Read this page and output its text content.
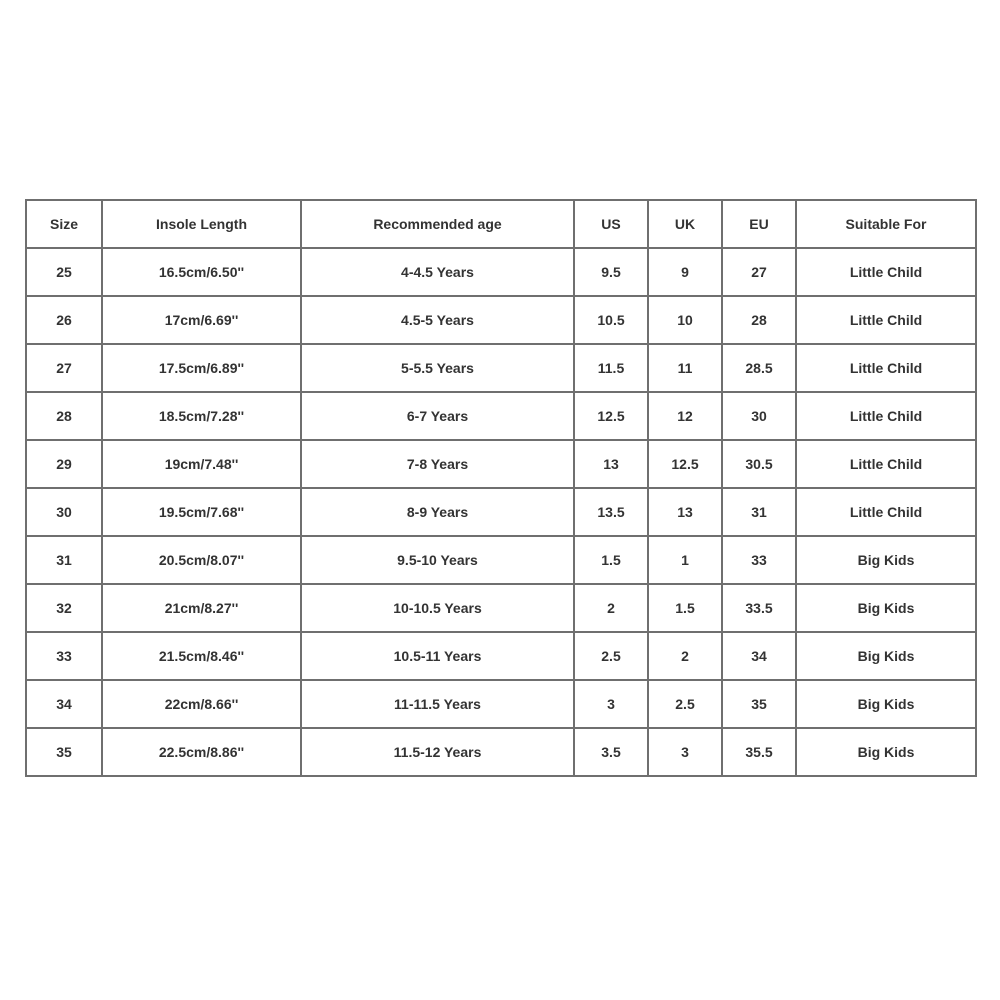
Size	Insole Length	Recommended age	US	UK	EU	Suitable For
25	16.5cm/6.50''	4-4.5 Years	9.5	9	27	Little Child
26	17cm/6.69''	4.5-5 Years	10.5	10	28	Little Child
27	17.5cm/6.89''	5-5.5 Years	11.5	11	28.5	Little Child
28	18.5cm/7.28''	6-7 Years	12.5	12	30	Little Child
29	19cm/7.48''	7-8 Years	13	12.5	30.5	Little Child
30	19.5cm/7.68''	8-9 Years	13.5	13	31	Little Child
31	20.5cm/8.07''	9.5-10 Years	1.5	1	33	Big Kids
32	21cm/8.27''	10-10.5 Years	2	1.5	33.5	Big Kids
33	21.5cm/8.46''	10.5-11 Years	2.5	2	34	Big Kids
34	22cm/8.66''	11-11.5 Years	3	2.5	35	Big Kids
35	22.5cm/8.86''	11.5-12 Years	3.5	3	35.5	Big Kids
